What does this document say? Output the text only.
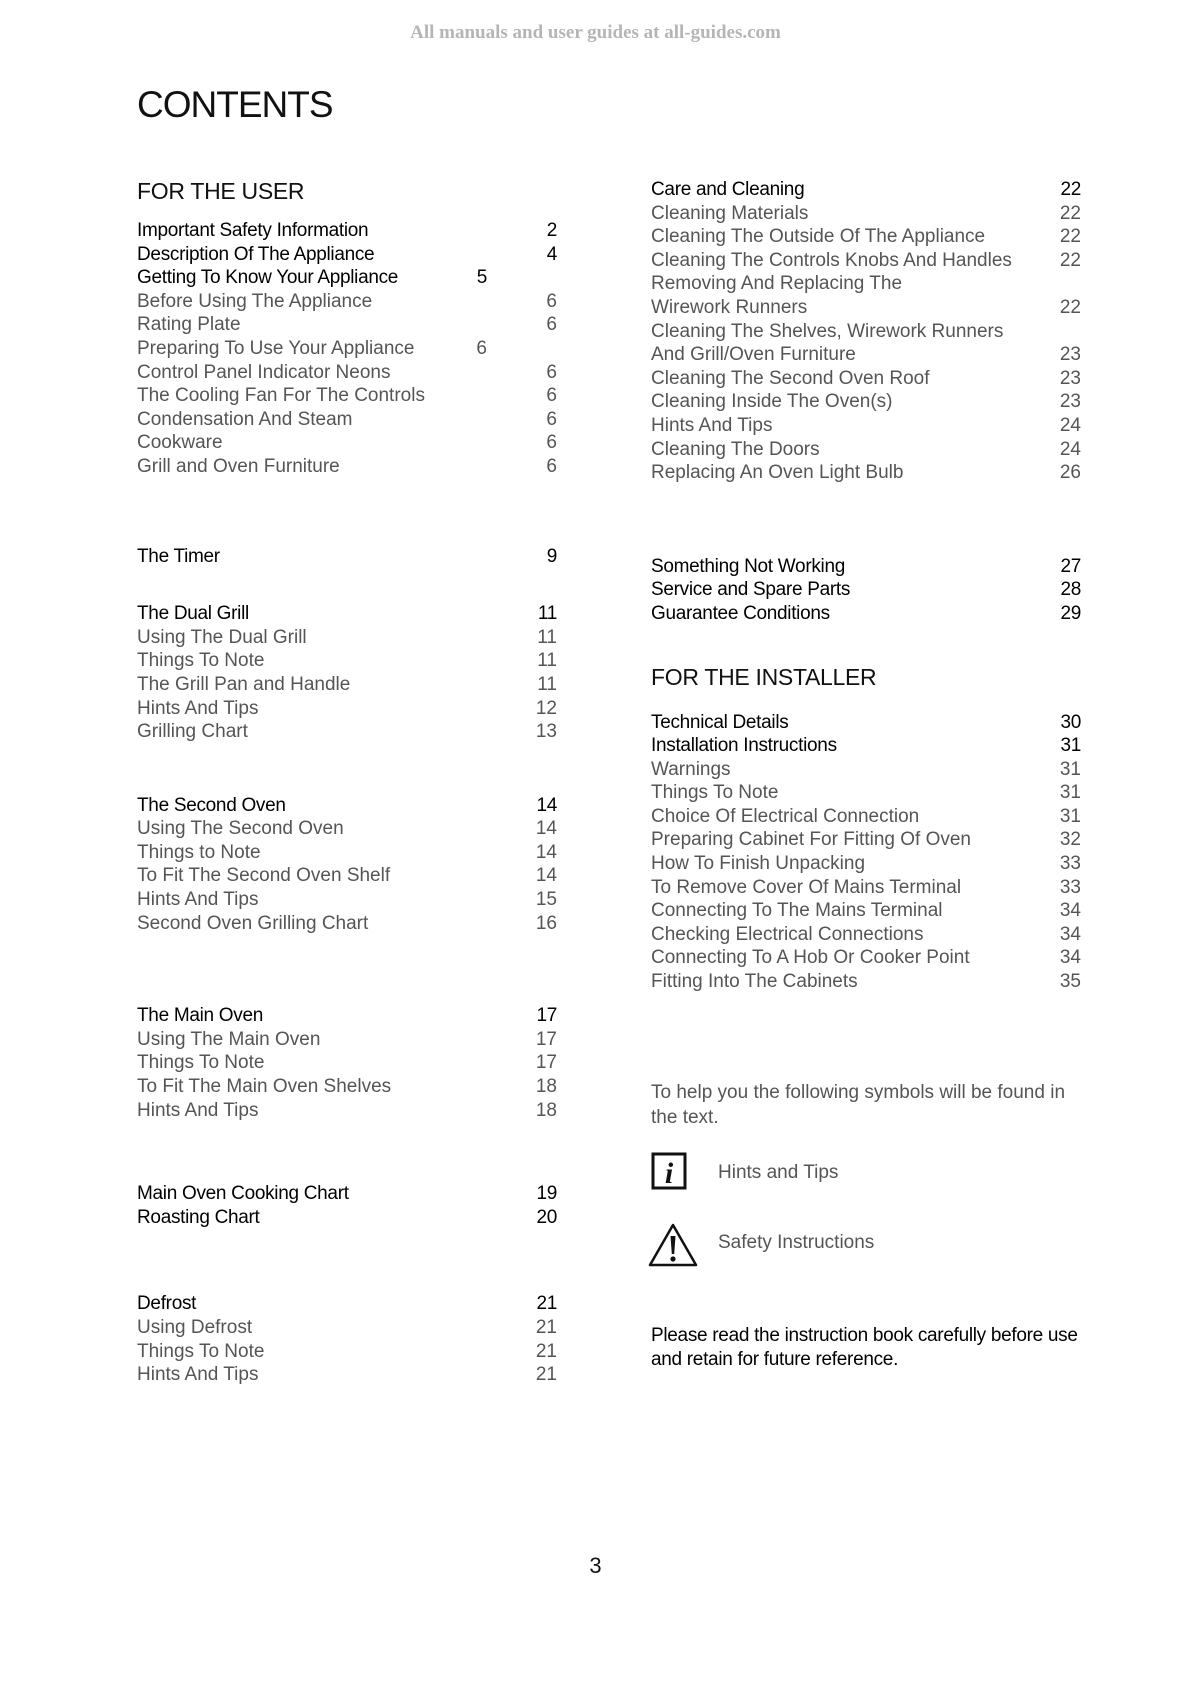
All manuals and user guides at all-guides.com
CONTENTS
FOR THE USER
Important Safety Information	2
Description Of The Appliance	4
Getting To Know Your Appliance	5
Before Using The Appliance	6
Rating Plate	6
Preparing To Use Your Appliance	6
Control Panel Indicator Neons	6
The Cooling Fan For The Controls	6
Condensation And Steam	6
Cookware	6
Grill and Oven Furniture	6
The Timer	9
The Dual Grill	11
Using The Dual Grill	11
Things To Note	11
The Grill Pan and Handle	11
Hints And Tips	12
Grilling Chart	13
The Second Oven	14
Using The Second Oven	14
Things to Note	14
To Fit The Second Oven Shelf	14
Hints And Tips	15
Second Oven Grilling Chart	16
The Main Oven	17
Using The Main Oven	17
Things To Note	17
To Fit The Main Oven Shelves	18
Hints And Tips	18
Main Oven Cooking Chart	19
Roasting Chart	20
Defrost	21
Using Defrost	21
Things To Note	21
Hints And Tips	21
Care and Cleaning	22
Cleaning Materials	22
Cleaning The Outside Of The Appliance	22
Cleaning The Controls Knobs And Handles	22
Removing And Replacing The
Wirework Runners	22
Cleaning The Shelves, Wirework Runners
And Grill/Oven Furniture	23
Cleaning The Second Oven Roof	23
Cleaning Inside The Oven(s)	23
Hints And Tips	24
Cleaning The Doors	24
Replacing An Oven Light Bulb	26
Something Not Working	27
Service and Spare Parts	28
Guarantee Conditions	29
FOR THE INSTALLER
Technical Details	30
Installation Instructions	31
Warnings	31
Things To Note	31
Choice Of Electrical Connection	31
Preparing Cabinet For Fitting Of Oven	32
How To Finish Unpacking	33
To Remove Cover Of Mains Terminal	33
Connecting To The Mains Terminal	34
Checking Electrical Connections	34
Connecting To A Hob Or Cooker Point	34
Fitting Into The Cabinets	35
To help you the following symbols will be found in the text.
i Hints and Tips
Safety Instructions
Please read the instruction book carefully before use and retain for future reference.
3
